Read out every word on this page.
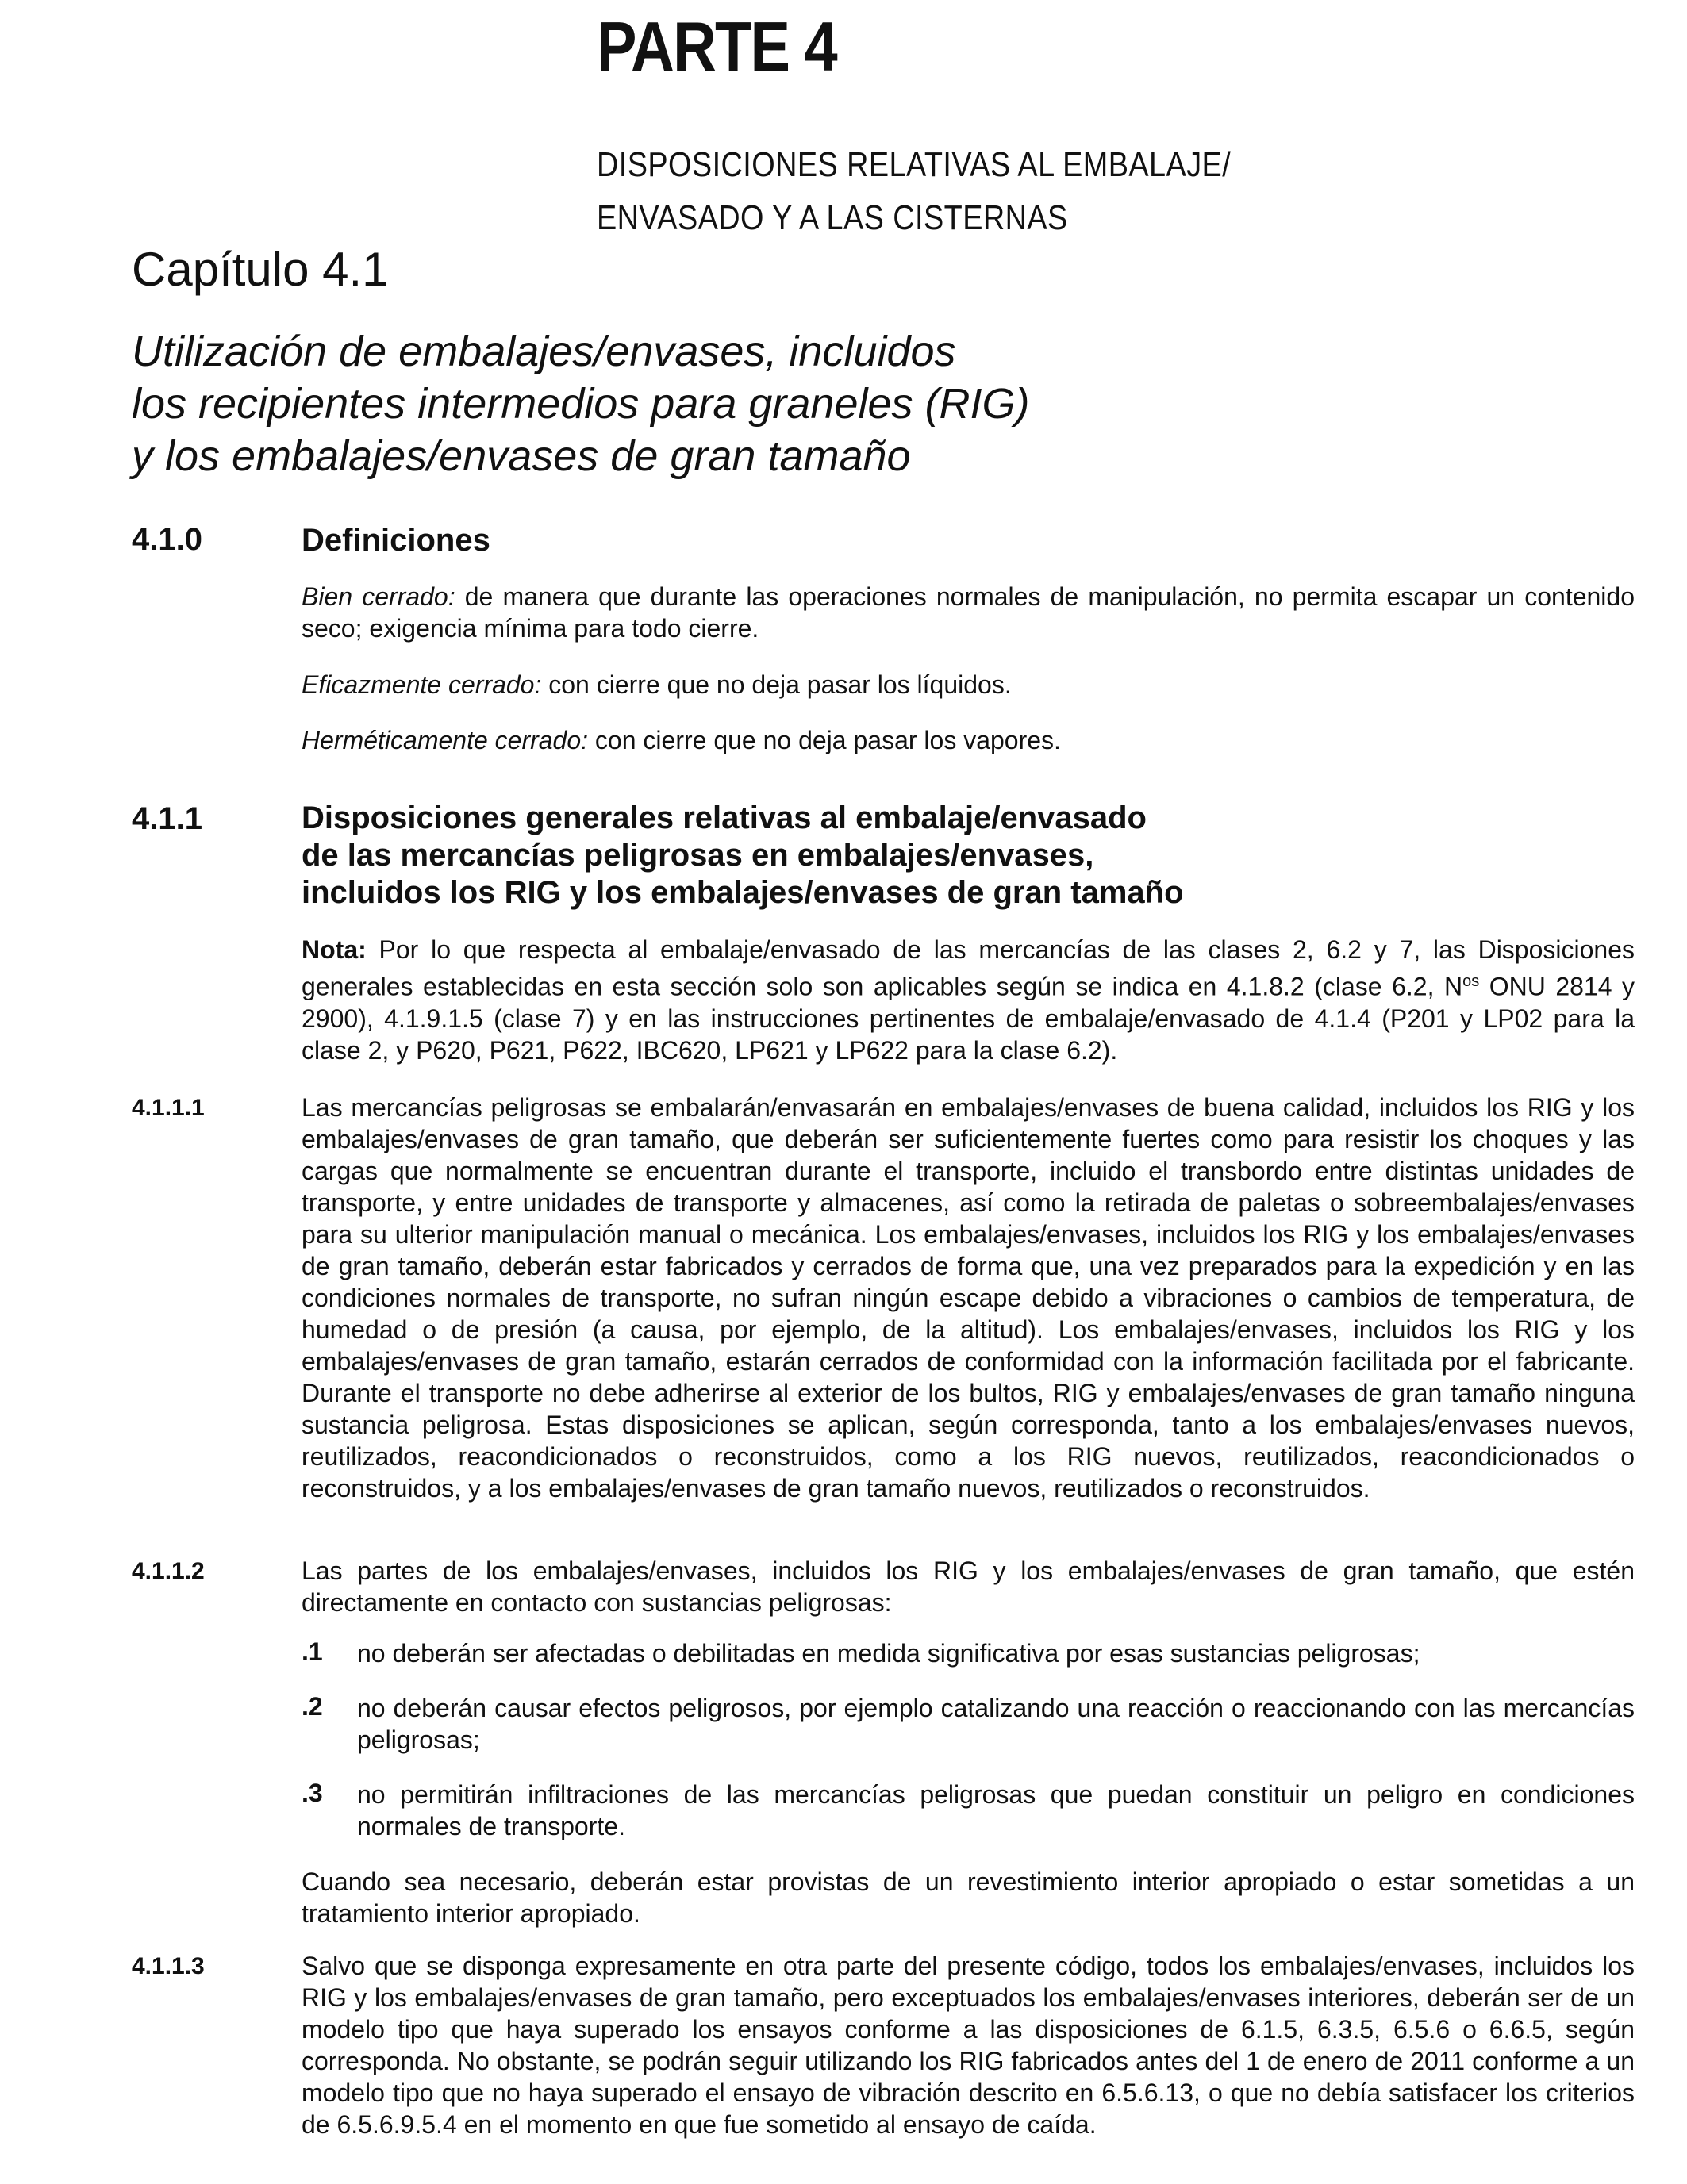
PARTE 4
DISPOSICIONES RELATIVAS AL EMBALAJE/
ENVASADO Y A LAS CISTERNAS
Capítulo 4.1
Utilización de embalajes/envases, incluidos
los recipientes intermedios para graneles (RIG)
y los embalajes/envases de gran tamaño
4.1.0	Definiciones

Bien cerrado: de manera que durante las operaciones normales de manipulación, no permita escapar un contenido seco; exigencia mínima para todo cierre.

Eficazmente cerrado: con cierre que no deja pasar los líquidos.

Herméticamente cerrado: con cierre que no deja pasar los vapores.

4.1.1	Disposiciones generales relativas al embalaje/envasado
de las mercancías peligrosas en embalajes/envases,
incluidos los RIG y los embalajes/envases de gran tamaño

Nota: Por lo que respecta al embalaje/envasado de las mercancías de las clases 2, 6.2 y 7, las Disposiciones generales establecidas en esta sección solo son aplicables según se indica en 4.1.8.2 (clase 6.2, $N^{os}$ ONU 2814 y 2900), 4.1.9.1.5 (clase 7) y en las instrucciones pertinentes de embalaje/envasado de 4.1.4 (P201 y LP02 para la clase 2, y P620, P621, P622, IBC620, LP621 y LP622 para la clase 6.2).

4.1.1.1	Las mercancías peligrosas se embalarán/envasarán en embalajes/envases de buena calidad, incluidos los RIG y los embalajes/envases de gran tamaño, que deberán ser suficientemente fuertes como para resistir los choques y las cargas que normalmente se encuentran durante el transporte, incluido el transbordo entre distintas unidades de transporte, y entre unidades de transporte y almacenes, así como la retirada de paletas o sobreembalajes/envases para su ulterior manipulación manual o mecánica. Los embalajes/envases, incluidos los RIG y los embalajes/envases de gran tamaño, deberán estar fabricados y cerrados de forma que, una vez preparados para la expedición y en las condiciones normales de transporte, no sufran ningún escape debido a vibraciones o cambios de temperatura, de humedad o de presión (a causa, por ejemplo, de la altitud). Los embalajes/envases, incluidos los RIG y los embalajes/envases de gran tamaño, estarán cerrados de conformidad con la información facilitada por el fabricante. Durante el transporte no debe adherirse al exterior de los bultos, RIG y embalajes/envases de gran tamaño ninguna sustancia peligrosa. Estas disposiciones se aplican, según corresponda, tanto a los embalajes/envases nuevos, reutilizados, reacondicionados o reconstruidos, como a los RIG nuevos, reutilizados, reacondicionados o reconstruidos, y a los embalajes/envases de gran tamaño nuevos, reutilizados o reconstruidos.

4.1.1.2	Las partes de los embalajes/envases, incluidos los RIG y los embalajes/envases de gran tamaño, que estén directamente en contacto con sustancias peligrosas:

.1 no deberán ser afectadas o debilitadas en medida significativa por esas sustancias peligrosas;
.2 no deberán causar efectos peligrosos, por ejemplo catalizando una reacción o reaccionando con las mercancías peligrosas;
.3 no permitirán infiltraciones de las mercancías peligrosas que puedan constituir un peligro en condiciones normales de transporte.

Cuando sea necesario, deberán estar provistas de un revestimiento interior apropiado o estar sometidas a un tratamiento interior apropiado.

4.1.1.3	Salvo que se disponga expresamente en otra parte del presente código, todos los embalajes/envases, incluidos los RIG y los embalajes/envases de gran tamaño, pero exceptuados los embalajes/envases interiores, deberán ser de un modelo tipo que haya superado los ensayos conforme a las disposiciones de 6.1.5, 6.3.5, 6.5.6 o 6.6.5, según corresponda. No obstante, se podrán seguir utilizando los RIG fabricados antes del 1 de enero de 2011 conforme a un modelo tipo que no haya superado el ensayo de vibración descrito en 6.5.6.13, o que no debía satisfacer los criterios de 6.5.6.9.5.4 en el momento en que fue sometido al ensayo de caída.
